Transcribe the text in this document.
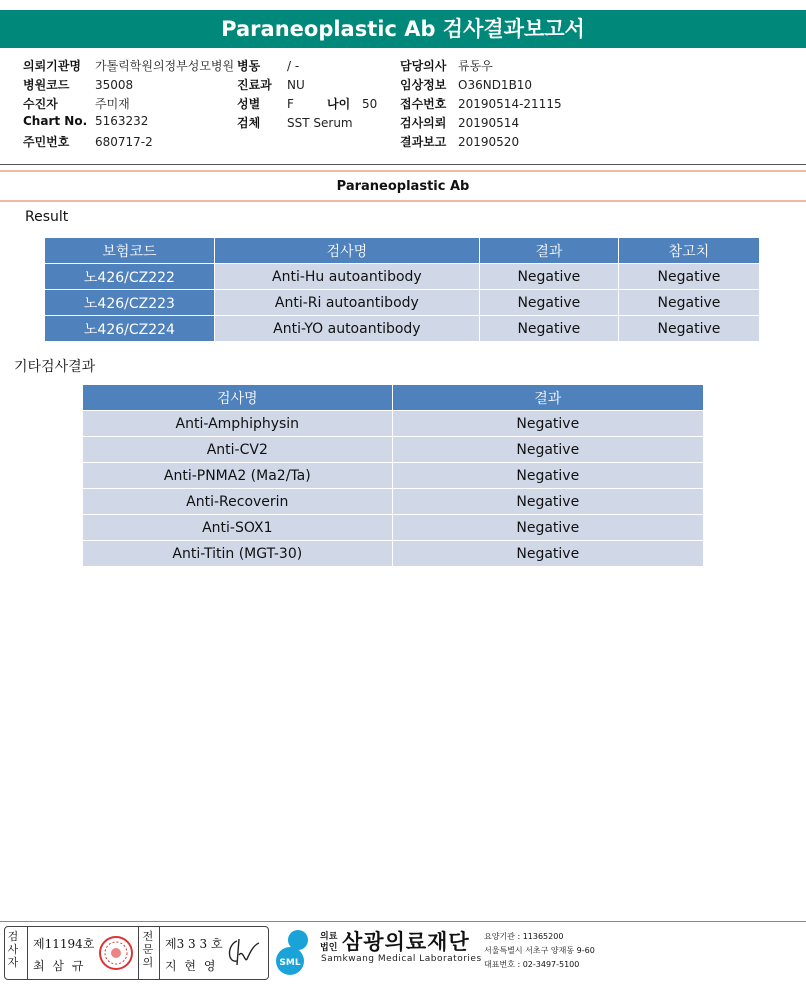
Paraneoplastic Ab 검사결과보고서
의뢰기관명 가톨릭학원의정부성모병원
병원코드 35008
수진자	주미재
Chart No. 5163232
주민번호 680717-2
병동 / -
진료과 NU
성별 F
검체 SST Serum
담당의사 류동우
임상정보 O36ND1B10
접수번호 20190514-21115
검사의뢰 20190514
결과보고 20190520
나이 50
Paraneoplastic Ab
Result
보험코드	검사명	결과	참고치
노426/CZ222	Anti-Hu autoantibody	Negative	Negative
노426/CZ223	Anti-Ri autoantibody	Negative	Negative
노426/CZ224	Anti-YO autoantibody	Negative	Negative
기타검사결과
검사명	결과
Anti-Amphiphysin	Negative
Anti-CV2	Negative
Anti-PNMA2 (Ma2/Ta)	Negative
Anti-Recoverin	Negative
Anti-SOX1	Negative
Anti-Titin (MGT-30)	Negative
검사자
제11194호
최 삼 규
전문의
제3 3 3 호
지 현 영	SML
의료법인 삼광의료재단
Samkwang Medical Laboratories
요양기관 : 11365200
서울특별시 서초구 양재동 9-60
대표번호 : 02-3497-5100
